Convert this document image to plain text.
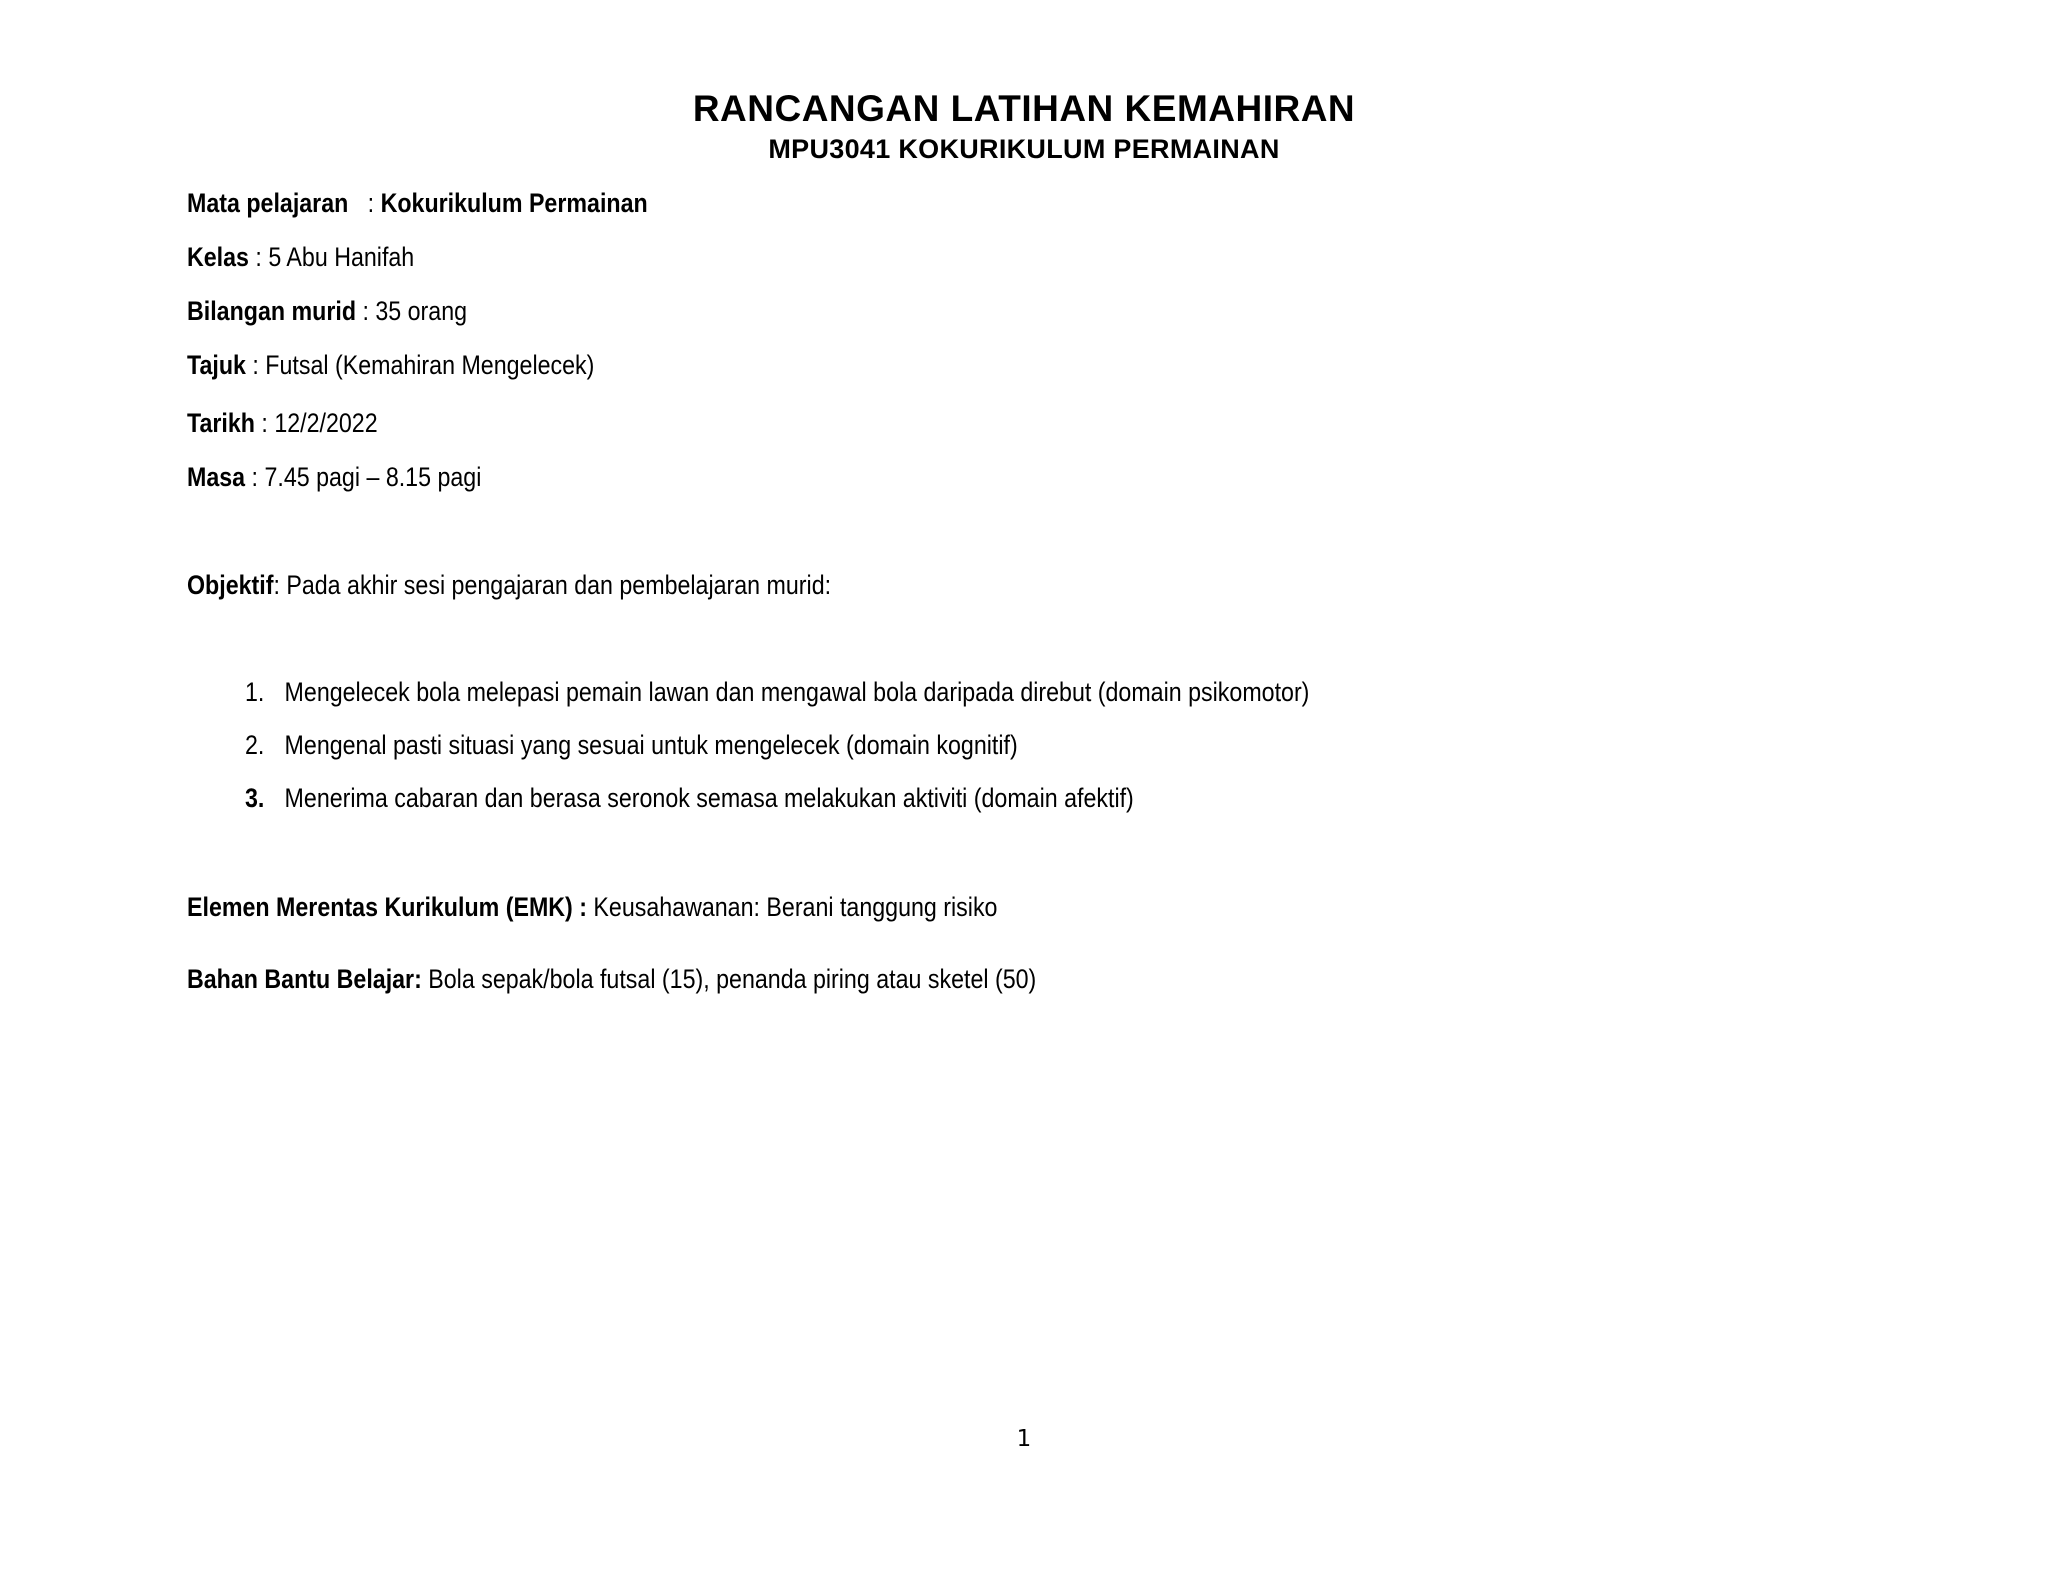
RANCANGAN LATIHAN KEMAHIRAN
MPU3041 KOKURIKULUM PERMAINAN
Mata pelajaran   : Kokurikulum Permainan
Kelas : 5 Abu Hanifah
Bilangan murid : 35 orang
Tajuk : Futsal (Kemahiran Mengelecek)
Tarikh : 12/2/2022
Masa : 7.45 pagi – 8.15 pagi
Objektif: Pada akhir sesi pengajaran dan pembelajaran murid:
1. Mengelecek bola melepasi pemain lawan dan mengawal bola daripada direbut (domain psikomotor)
2. Mengenal pasti situasi yang sesuai untuk mengelecek (domain kognitif)
3. Menerima cabaran dan berasa seronok semasa melakukan aktiviti (domain afektif)
Elemen Merentas Kurikulum (EMK) : Keusahawanan: Berani tanggung risiko
Bahan Bantu Belajar: Bola sepak/bola futsal (15), penanda piring atau sketel (50)
1
